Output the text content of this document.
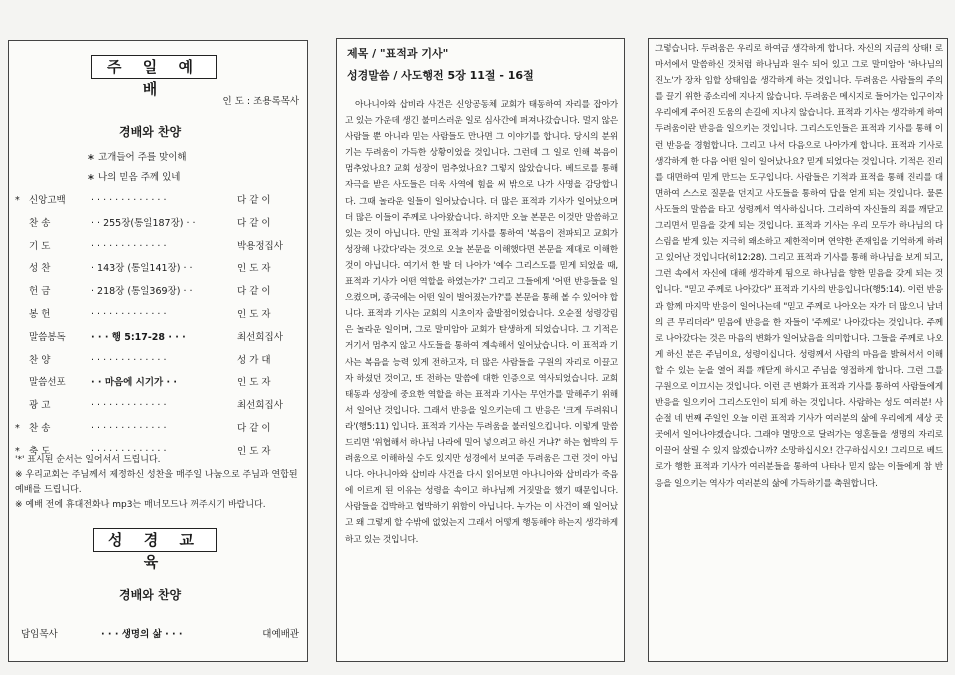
주 일 예 배
인 도 : 조용록목사
경배와 찬양
∗ 고개들어 주를 맞이해
∗ 나의 믿음 주께 있네
* 신앙고백	· · · · · · · · · · · · ·	다 같 이
찬 송	· · 255장(통일187장) · ·	다 같 이
기 도	· · · · · · · · · · · · ·	박용정집사
성 찬	· 143장 (통일141장) · ·	인 도 자
헌 금	· 218장 (통일369장) · ·	다 같 이
봉 헌	· · · · · · · · · · · · ·	인 도 자
말씀봉독	· · · 행 5:17-28 · · ·	최선희집사
찬 양	· · · · · · · · · · · · ·	성 가 대
말씀선포	· · 마음에 시기가 · ·	인 도 자
광 고	· · · · · · · · · · · · ·	최선희집사
* 찬 송	· · · · · · · · · · · · ·	다 같 이
* 축 도	· · · · · · · · · · · · ·	인 도 자
'*' 표시된 순서는 일어서서 드립니다.
※ 우리교회는 주님께서 제정하신 성찬을 매주일 나눔으로 주님과 연합된 예배를 드립니다.
※ 예배 전에 휴대전화나 mp3는 매너모드나 꺼주시기 바랍니다.
성 경 교 육
경배와 찬양
담임목사	· · · 생명의 삶 · · ·	대예배관
제목 / "표적과 기사"
성경말씀 / 사도행전 5장 11절 - 16절
아나니아와 삽비라 사건은 신앙공동체 교회가 태동하여 자리를 잡아가고 있는 가운데 생긴 불미스러운 일로 심사간에 퍼져나갔습니다. 멀지 않은 사람들 뿐 아니라 믿는 사람들도 만나면 그 이야기를 합니다. 당시의 분위기는 두려움이 가득한 상황이었을 것입니다. 그런데 그 일로 인해 복음이 멈추었나요? 교회 성장이 멈추었나요? 그렇지 않았습니다. 베드로를 통해 자극을 받은 사도들은 더욱 사역에 힘을 써 밖으로 나가 사명을 감당합니다. 그때 놀라운 일들이 일어났습니다. 더 많은 표적과 기사가 일어났으며 더 많은 이들이 주께로 나아왔습니다. 하지만 오늘 본문은 이것만 말씀하고 있는 것이 아닙니다. 만일 표적과 기사를 통하여 '복음이 전파되고 교회가 성장해 나갔다'라는 것으로 오늘 본문을 이해했다면 본문을 제대로 이해한 것이 아닙니다. 여기서 한 발 더 나아가 '예수 그리스도를 믿게 되었을 때, 표적과 기사가 어떤 역할을 하였는가?' 그리고 그들에게 '어떤 반응들을 일으켰으며, 종국에는 어떤 일이 벌어졌는가?'를 본문을 통해 볼 수 있어야 합니다. 표적과 기사는 교회의 시초이자 출발점이었습니다. 오순절 성령강림은 놀라운 일이며, 그로 말미암아 교회가 탄생하게 되었습니다. 그 기적은 거기서 멈추지 않고 사도들을 통하여 계속해서 일어났습니다. 이 표적과 기사는 복음을 능력 있게 전하고자, 더 많은 사람들을 구원의 자리로 이끌고자 하셨던 것이고, 또 전하는 말씀에 대한 인증으로 역사되었습니다. 교회 태동과 성장에 중요한 역할을 하는 표적과 기사는 무언가를 말해주기 위해서 일어난 것입니다. 그래서 반응을 일으키는데 그 반응은 '크게 두려워니라'(행5:11) 입니다. 표적과 기사는 두려움을 불러일으킵니다. 이렇게 말씀 드리면 '위협해서 하나님 나라에 밀어 넣으려고 하신 거냐?' 하는 협박의 두려움으로 이해하실 수도 있지만 성경에서 보여준 두려움은 그런 것이 아닙니다. 아나니아와 삽비라 사건을 다시 읽어보면 아나니아와 삽비라가 죽음에 이르게 된 이유는 성령을 속이고 하나님께 거짓말을 했기 때문입니다. 사람들을 겁박하고 협박하기 위함이 아닙니다. 누가는 이 사건이 왜 일어났고 왜 그렇게 할 수밖에 없었는지 그래서 어떻게 행동해야 하는지 생각하게 하고 있는 것입니다.
그렇습니다. 두려움은 우리로 하여금 생각하게 합니다. 자신의 지금의 상태! 로마서에서 말씀하신 것처럼 하나님과 원수 되어 있고 그로 말미암아 '하나님의 진노'가 장차 임할 상태임을 생각하게 하는 것입니다. 두려움은 사람들의 주의를 끌기 위한 종소리에 지나지 않습니다. 두려움은 메시지로 들어가는 입구이자 우리에게 주어진 도움의 손길에 지나지 않습니다. 표적과 기사는 생각하게 하여 두려움이란 반응을 일으키는 것입니다. 그리스도인들은 표적과 기사를 통해 이런 반응을 경험합니다. 그리고 나서 다음으로 나아가게 합니다. 표적과 기사로 생각하게 한 다음 어떤 일이 일어났나요? 믿게 되었다는 것입니다. 기적은 진리를 대면하여 믿게 만드는 도구입니다. 사람들은 기적과 표적을 통해 진리를 대면하여 스스로 질문을 던지고 사도들을 통하여 답을 얻게 되는 것입니다. 물론 사도들의 말씀을 타고 성령께서 역사하십니다. 그리하여 자신들의 죄를 깨닫고 그리면서 믿음을 갖게 되는 것입니다. 표적과 기사는 우리 모두가 하나님의 다스림을 받게 있는 지극히 왜소하고 제한적이며 연약한 존재임을 기억하게 하려고 있어난 것입니다(히12:28). 그리고 표적과 기사를 통해 하나님을 보게 되고, 그런 속에서 자신에 대해 생각하게 됨으로 하나님을 향한 믿음을 갖게 되는 것입니다. "믿고 주께로 나아갔다" 표적과 기사의 반응입니다(행5:14). 이런 반응과 함께 마지막 반응이 일어나는데 "믿고 주께로 나아오는 자가 더 많으니 남녀의 큰 무리더라" 믿음에 반응을 한 자들이 '주께로' 나아갔다는 것입니다. 주께로 나아갔다는 것은 마음의 변화가 일어났음을 의미합니다. 그들을 주께로 나오게 하신 분은 주님이요, 성령이십니다. 성령께서 사람의 마음을 밝혀서서 이해할 수 있는 눈을 열어 죄를 깨닫게 하시고 주님을 영접하게 합니다. 그런 그를 구원으로 이끄시는 것입니다. 이런 큰 변화가 표적과 기사를 통하여 사람들에게 반응을 일으키어 그리스도인이 되게 하는 것입니다. 사람하는 성도 여러분! 사순절 네 번째 주일인 오늘 이런 표적과 기사가 여러분의 삶에 우리에게 세상 곳곳에서 일어나야겠습니다. 그래야 멸망으로 달려가는 영혼들을 생명의 자리로 이끌어 살릴 수 있지 않겠습니까? 소망하십시오! 간구하십시오! 그리므로 베드로가 행한 표적과 기사가 여러분들을 통하여 나타나 믿지 않는 이들에게 참 반응을 일으키는 역사가 여러분의 삶에 가득하기를 축원합니다.
